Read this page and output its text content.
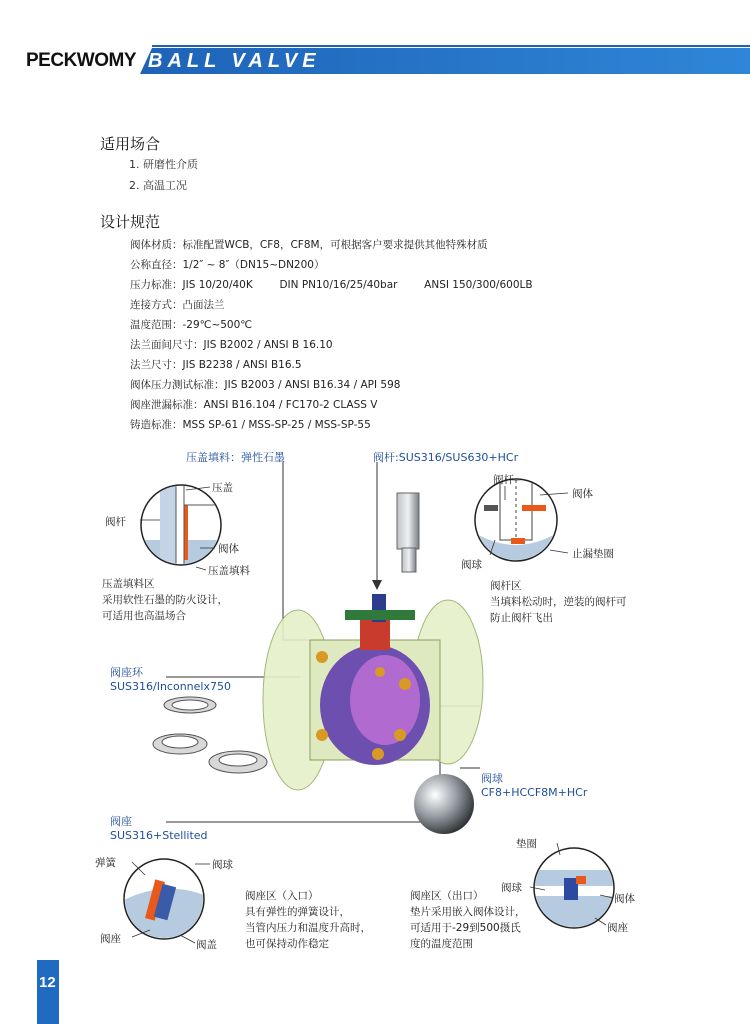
PECKWOMY BALL VALVE
适用场合
1. 研磨性介质
2. 高温工况
设计规范
阀体材质：标准配置WCB，CF8，CF8M，可根据客户要求提供其他特殊材质
公称直径：1/2″ ~ 8″（DN15~DN200）
压力标准：JIS 10/20/40K        DIN PN10/16/25/40bar        ANSI 150/300/600LB
连接方式：凸面法兰
温度范围：-29℃~500℃
法兰面间尺寸：JIS B2002 / ANSI B 16.10
法兰尺寸：JIS B2238 / ANSI B16.5
阀体压力测试标准：JIS B2003 / ANSI B16.34 / API 598
阀座泄漏标准：ANSI B16.104 / FC170-2 CLASS V
铸造标准：MSS SP-61 / MSS-SP-25 / MSS-SP-55
压盖填料：弹性石墨	阀杆:SUS316/SUS630+HCr
压盖
阀杆
阀体
压盖填料
压盖填料区
采用软性石墨的防火设计，
可适用也高温场合
阀杆
阀体
阀球
止漏垫圈
阀杆区
当填料松动时，逆装的阀杆可
防止阀杆飞出
阀座环
SUS316/Inconnelx750
阀球
CF8+HCCF8M+HCr
阀座
SUS316+Stellited
弹簧	阀球
阀座	阀盖
阀座区（入口）
具有弹性的弹簧设计，
当管内压力和温度升高时，
也可保持动作稳定
阀座区（出口）
垫片采用嵌入阀体设计，
可适用于-29到500摄氏
度的温度范围
垫圈
阀球
阀体
阀座
12
